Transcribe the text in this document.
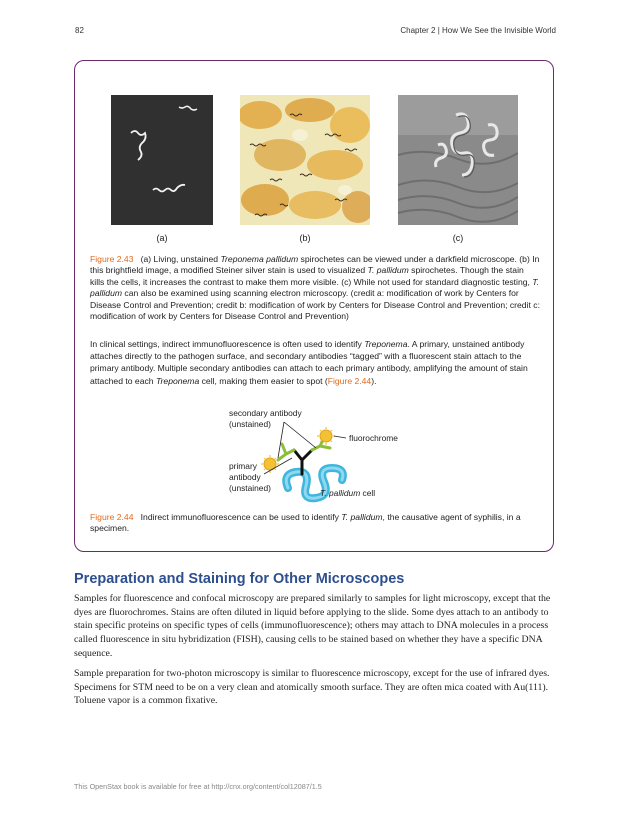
82	Chapter 2 | How We See the Invisible World
(a)	(b)	(c)
Figure 2.43 (a) Living, unstained Treponema pallidum spirochetes can be viewed under a darkfield microscope. (b) In this brightfield image, a modified Steiner silver stain is used to visualized T. pallidum spirochetes. Though the stain kills the cells, it increases the contrast to make them more visible. (c) While not used for standard diagnostic testing, T. pallidum can also be examined using scanning electron microscopy. (credit a: modification of work by Centers for Disease Control and Prevention; credit b: modification of work by Centers for Disease Control and Prevention; credit c: modification of work by Centers for Disease Control and Prevention)
In clinical settings, indirect immunofluorescence is often used to identify Treponema. A primary, unstained antibody attaches directly to the pathogen surface, and secondary antibodies “tagged” with a fluorescent stain attach to the primary antibody. Multiple secondary antibodies can attach to each primary antibody, amplifying the amount of stain attached to each Treponema cell, making them easier to spot (Figure 2.44).
secondary antibody
(unstained)
fluorochrome
primary
antibody
(unstained)	T. pallidum cell
Figure 2.44 Indirect immunofluorescence can be used to identify T. pallidum, the causative agent of syphilis, in a specimen.
Preparation and Staining for Other Microscopes
Samples for fluorescence and confocal microscopy are prepared similarly to samples for light microscopy, except that the dyes are fluorochromes. Stains are often diluted in liquid before applying to the slide. Some dyes attach to an antibody to stain specific proteins on specific types of cells (immunofluorescence); others may attach to DNA molecules in a process called fluorescence in situ hybridization (FISH), causing cells to be stained based on whether they have a specific DNA sequence.
Sample preparation for two-photon microscopy is similar to fluorescence microscopy, except for the use of infrared dyes. Specimens for STM need to be on a very clean and atomically smooth surface. They are often mica coated with Au(111). Toluene vapor is a common fixative.
This OpenStax book is available for free at http://cnx.org/content/col12087/1.5
